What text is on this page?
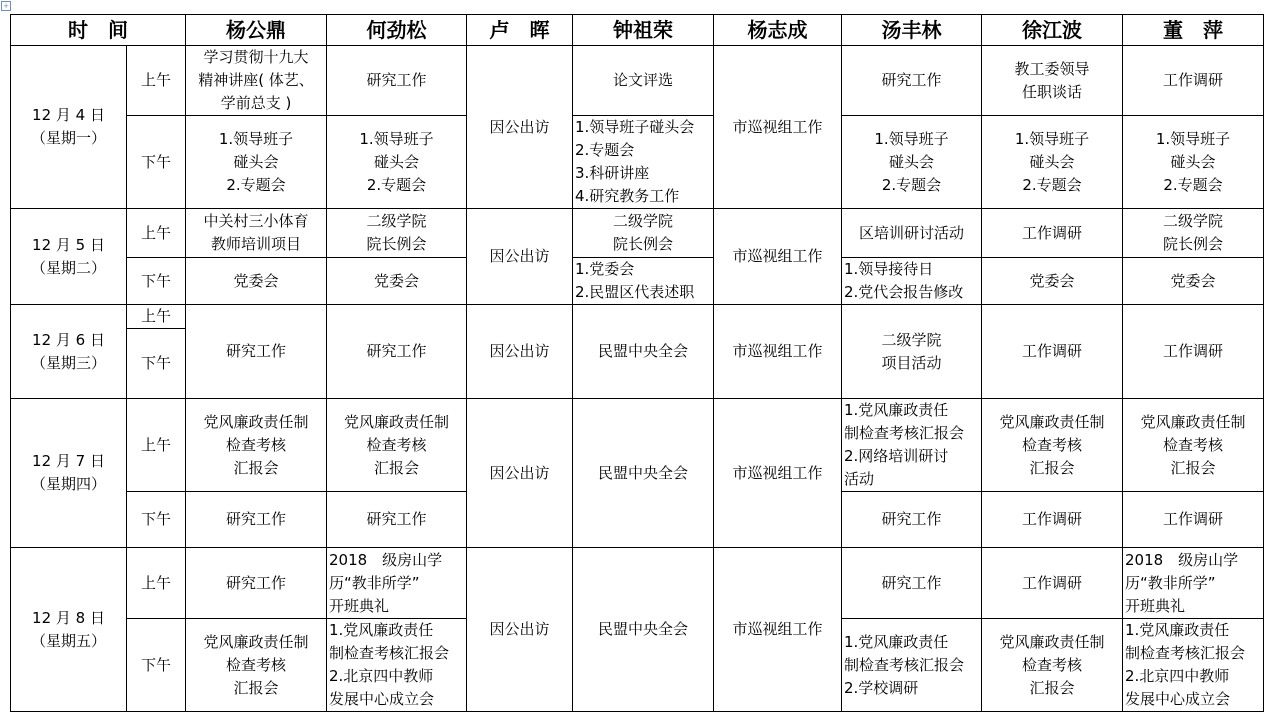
+
时　间		杨公鼎	何劲松	卢　晖	钟祖荣	杨志成	汤丰林	徐江波	董　萍

12 月 4 日
（星期一）	上午	学习贯彻十九大
精神讲座( 体艺、
学前总支 )	研究工作	因公出访	论文评选	市巡视组工作	研究工作	教工委领导
任职谈话	工作调研

	下午	1.领导班子
碰头会
2.专题会	1.领导班子
碰头会
2.专题会		1.领导班子碰头会
2.专题会
3.科研讲座
4.研究教务工作		1.领导班子
碰头会
2.专题会	1.领导班子
碰头会
2.专题会	1.领导班子
碰头会
2.专题会

12 月 5 日
（星期二）	上午	中关村三小体育
教师培训项目	二级学院
院长例会	因公出访	二级学院
院长例会	市巡视组工作	区培训研讨活动	工作调研	二级学院
院长例会

	下午	党委会	党委会		1.党委会
2.民盟区代表述职		1.领导接待日
2.党代会报告修改	党委会	党委会

12 月 6 日
（星期三）	上午	研究工作	研究工作	因公出访	民盟中央全会	市巡视组工作	二级学院
项目活动	工作调研	工作调研

	下午								

12 月 7 日
（星期四）	上午	党风廉政责任制
检查考核
汇报会	党风廉政责任制
检查考核
汇报会	因公出访	民盟中央全会	市巡视组工作	1.党风廉政责任
制检查考核汇报会
2.网络培训研讨
活动	党风廉政责任制
检查考核
汇报会	党风廉政责任制
检查考核
汇报会

	下午	研究工作	研究工作				研究工作	工作调研	工作调研

12 月 8 日
（星期五）	上午	研究工作	2018　级房山学
历“教非所学”
开班典礼	因公出访	民盟中央全会	市巡视组工作	研究工作	工作调研	2018　级房山学
历“教非所学”
开班典礼

	下午	党风廉政责任制
检查考核
汇报会	1.党风廉政责任
制检查考核汇报会
2.北京四中教师
发展中心成立会				1.党风廉政责任
制检查考核汇报会
2.学校调研	党风廉政责任制
检查考核
汇报会	1.党风廉政责任
制检查考核汇报会
2.北京四中教师
发展中心成立会
